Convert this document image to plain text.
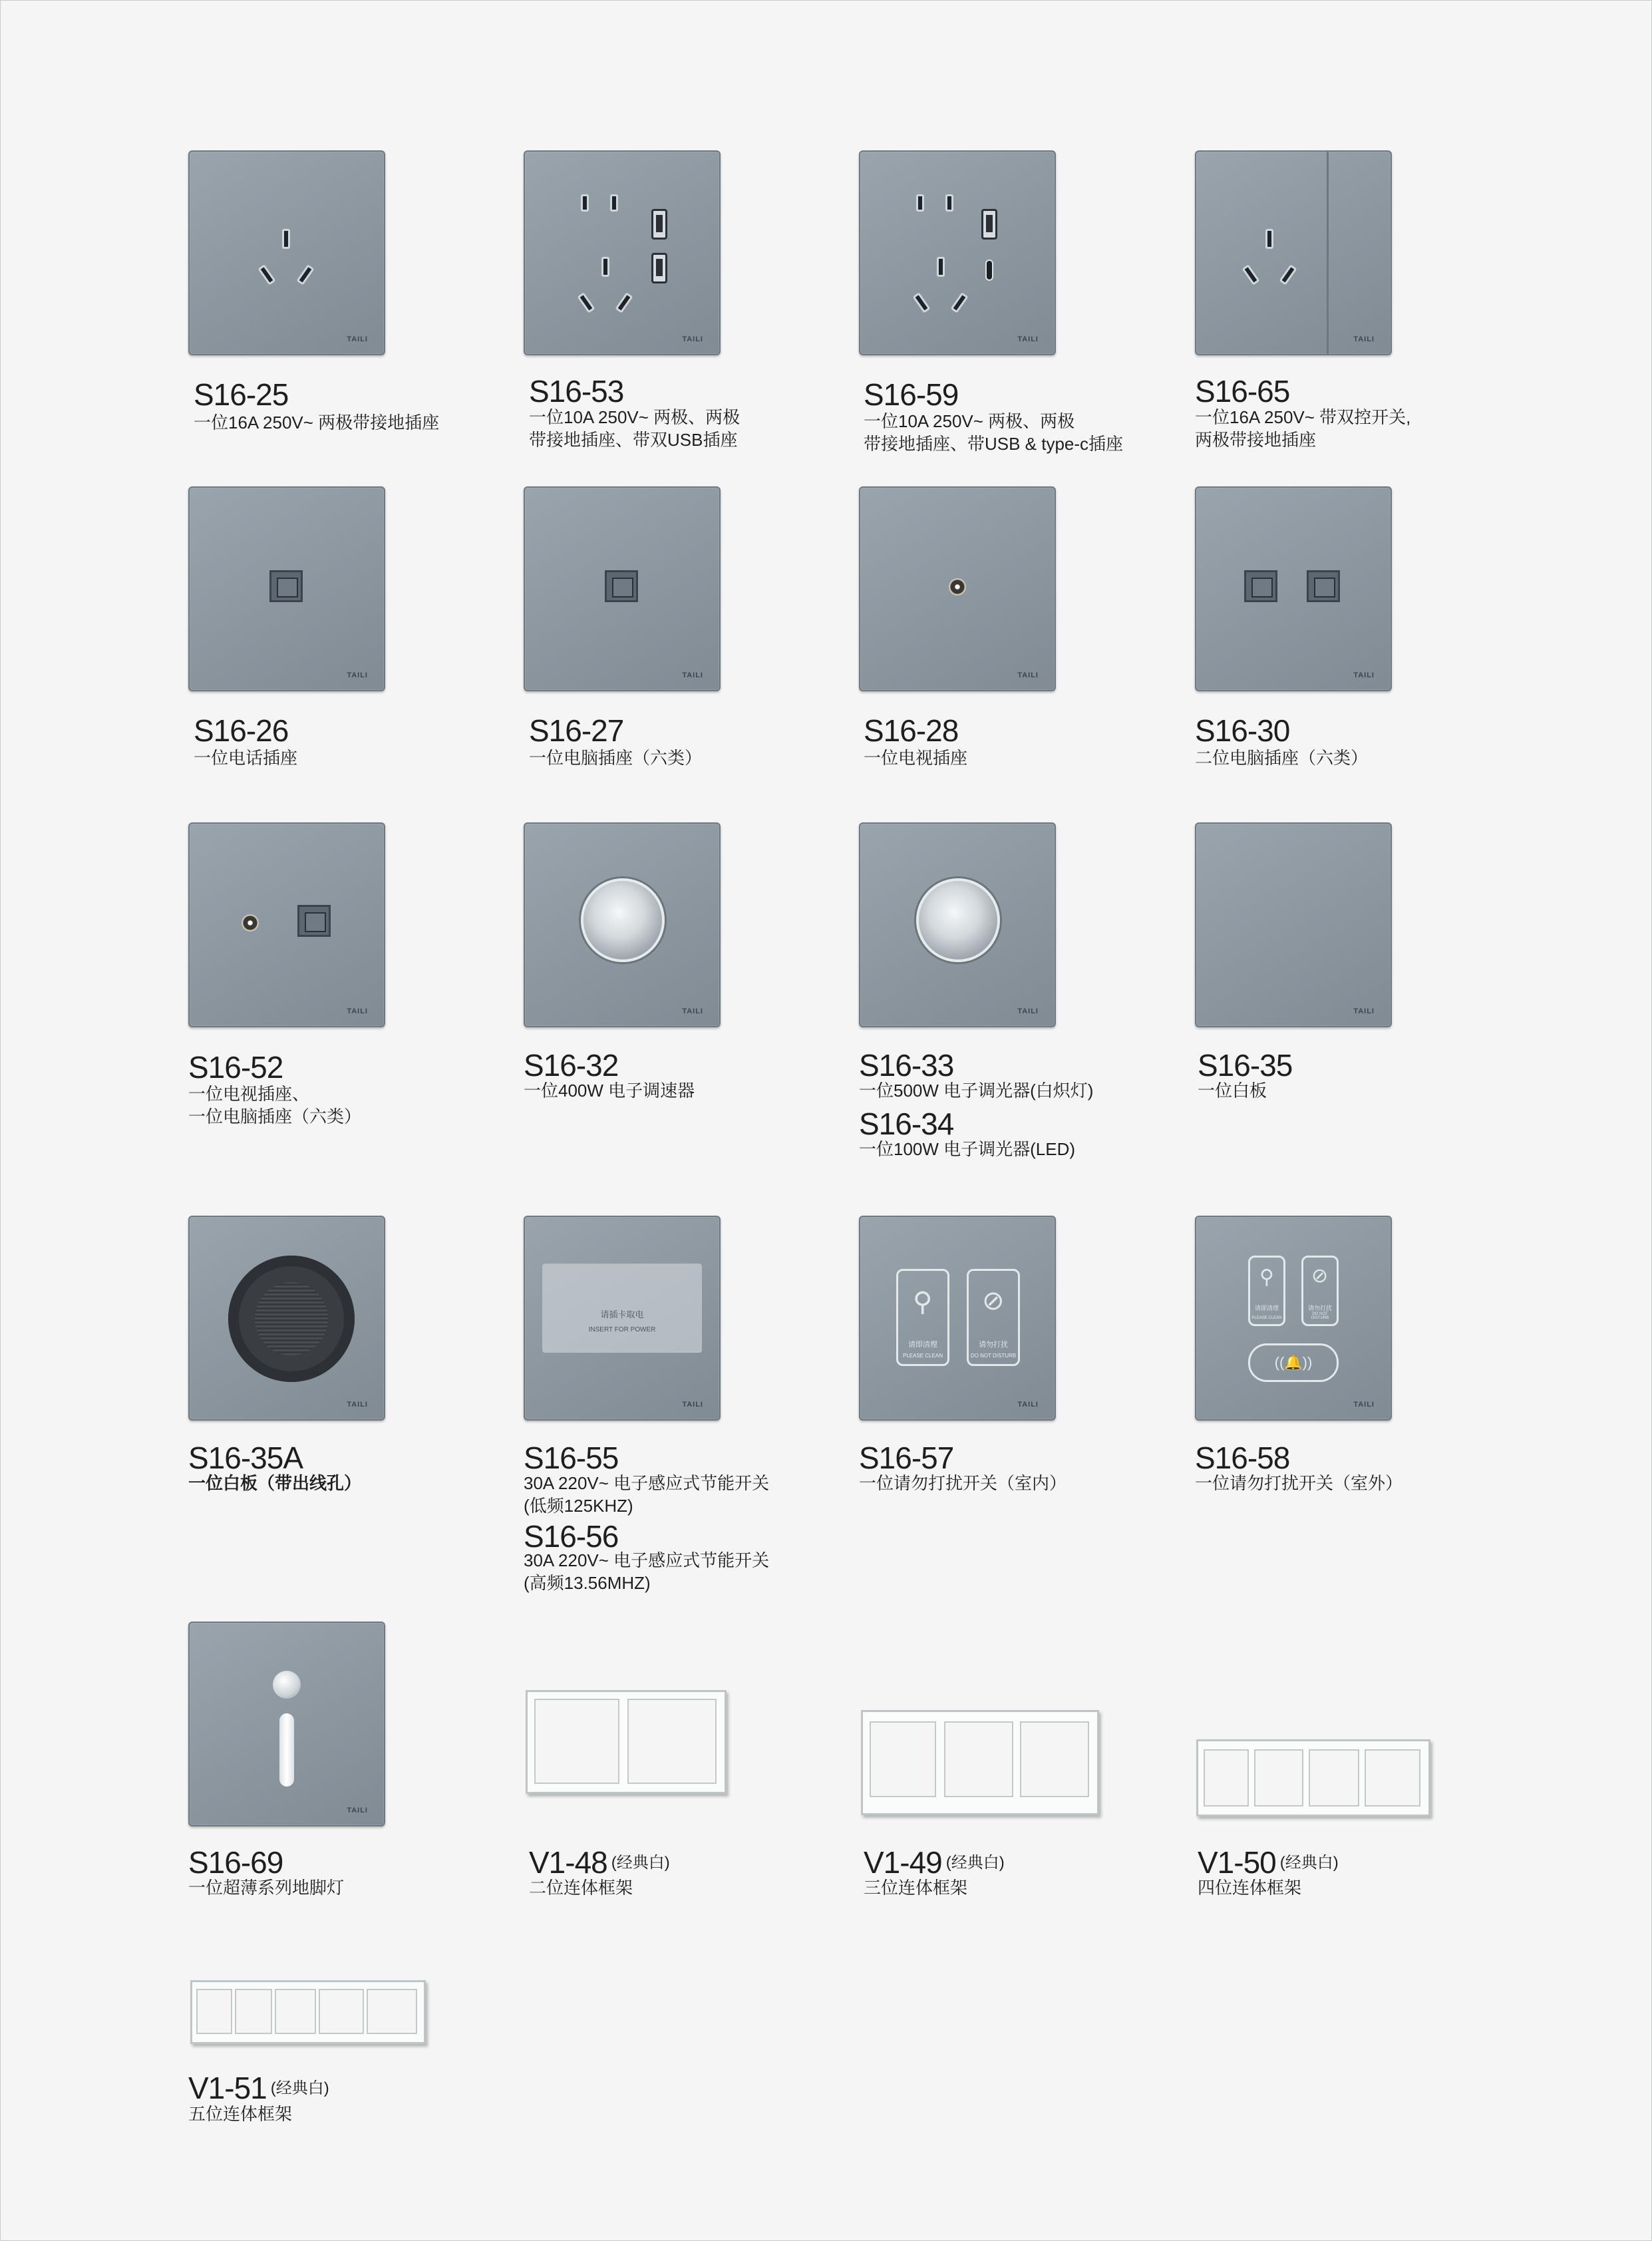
TAILI
S16-25
一位16A 250V~ 两极带接地插座
TAILI
S16-53
一位10A 250V~ 两极、两极
带接地插座、带双USB插座
TAILI
S16-59
一位10A 250V~ 两极、两极
带接地插座、带USB & type-c插座
TAILI
S16-65
一位16A 250V~ 带双控开关,
两极带接地插座
TAILI
S16-26
一位电话插座
TAILI
S16-27
一位电脑插座（六类）
TAILI
S16-28
一位电视插座
TAILI
S16-30
二位电脑插座（六类）
TAILI
S16-52
一位电视插座、
一位电脑插座（六类）
TAILI
S16-32
一位400W 电子调速器
TAILI
S16-33
一位500W 电子调光器(白炽灯)
S16-34
一位100W 电子调光器(LED)
TAILI
S16-35
一位白板
TAILI
S16-35A
一位白板（带出线孔）
请插卡取电
INSERT FOR POWER
TAILI
S16-55
30A 220V~ 电子感应式节能开关
(低频125KHZ)
S16-56
30A 220V~ 电子感应式节能开关
(高频13.56MHZ)
⚲
请即清理
PLEASE CLEAN
⊘
请勿打扰
DO NOT DISTURB
TAILI
S16-57
一位请勿打扰开关（室内）
⚲
请即清理
PLEASE CLEAN
⊘
请勿打扰
DO NOT DISTURB
((🔔))
TAILI
S16-58
一位请勿打扰开关（室外）
TAILI
S16-69
一位超薄系列地脚灯
V1-48 (经典白)
二位连体框架
V1-49 (经典白)
三位连体框架
V1-50 (经典白)
四位连体框架
V1-51 (经典白)
五位连体框架
